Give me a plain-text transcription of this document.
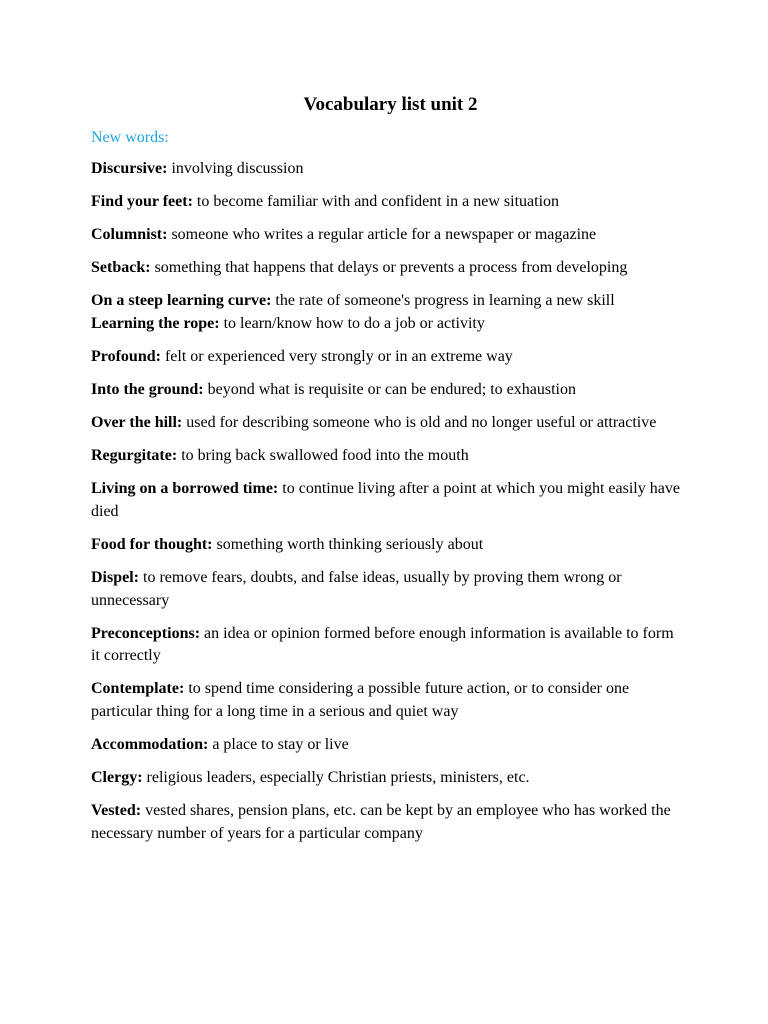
Vocabulary list unit 2
New words:
Discursive: involving discussion
Find your feet: to become familiar with and confident in a new situation
Columnist: someone who writes a regular article for a newspaper or magazine
Setback: something that happens that delays or prevents a process from developing
On a steep learning curve: the rate of someone's progress in learning a new skill
Learning the rope: to learn/know how to do a job or activity
Profound: felt or experienced very strongly or in an extreme way
Into the ground: beyond what is requisite or can be endured; to exhaustion
Over the hill: used for describing someone who is old and no longer useful or attractive
Regurgitate: to bring back swallowed food into the mouth
Living on a borrowed time: to continue living after a point at which you might easily have died
Food for thought: something worth thinking seriously about
Dispel: to remove fears, doubts, and false ideas, usually by proving them wrong or unnecessary
Preconceptions: an idea or opinion formed before enough information is available to form it correctly
Contemplate: to spend time considering a possible future action, or to consider one particular thing for a long time in a serious and quiet way
Accommodation: a place to stay or live
Clergy: religious leaders, especially Christian priests, ministers, etc.
Vested: vested shares, pension plans, etc. can be kept by an employee who has worked the necessary number of years for a particular company
